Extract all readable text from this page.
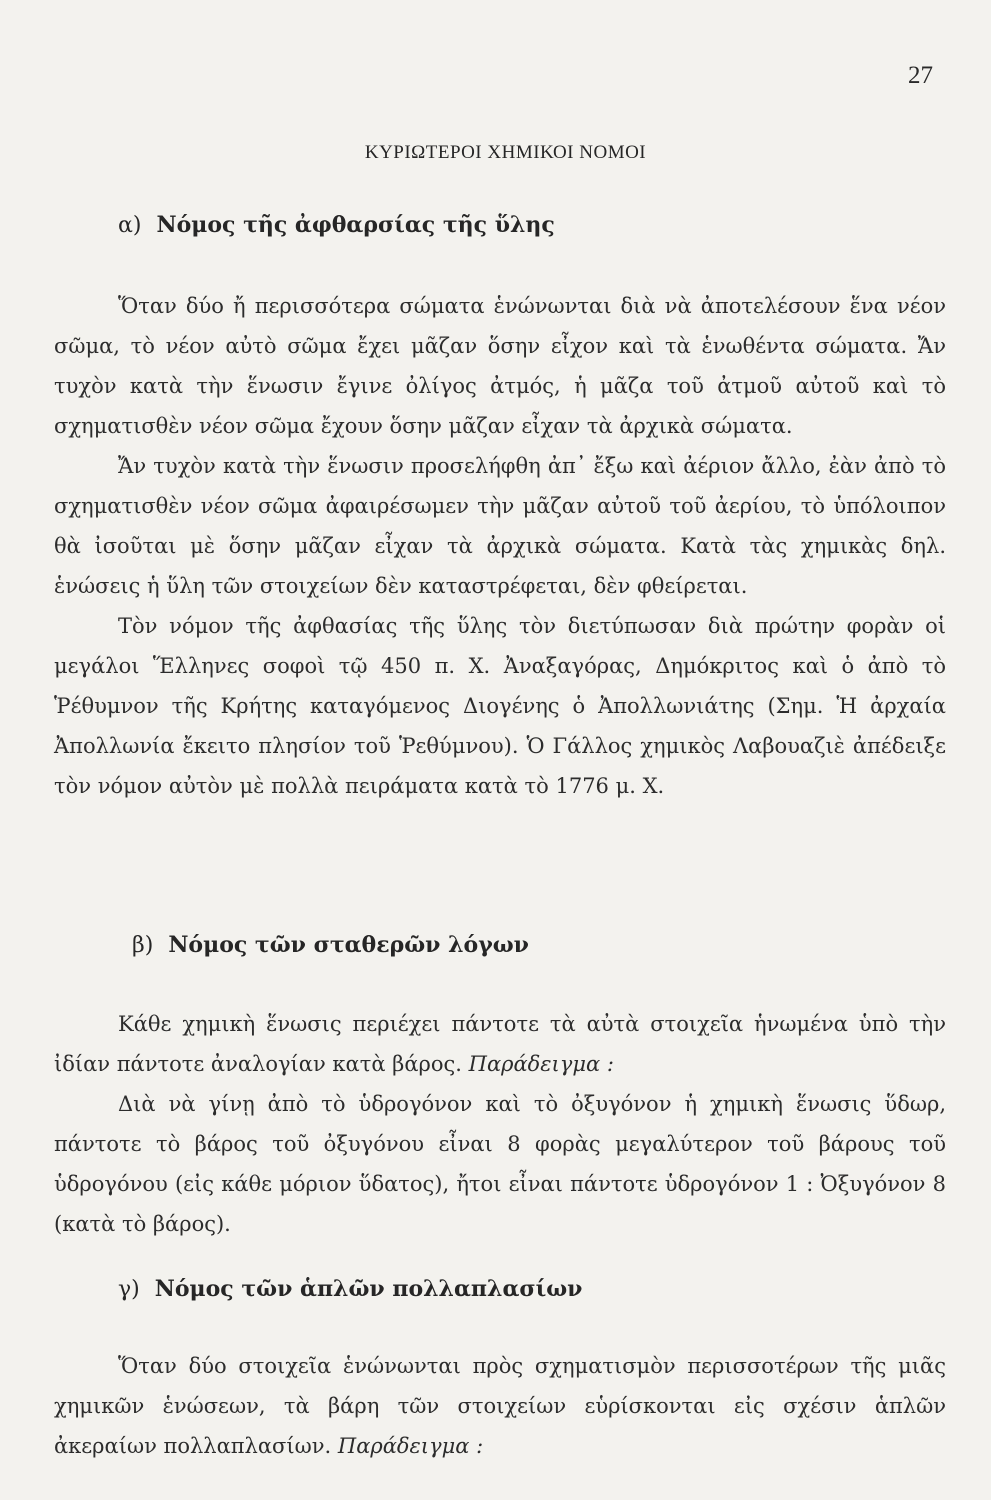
27
ΚΥΡΙΩΤΕΡΟΙ ΧΗΜΙΚΟΙ ΝΟΜΟΙ
α) Νόμος τῆς ἀφθαρσίας τῆς ὕλης

Ὅταν δύο ἤ περισσότερα σώματα ἑνώνωνται διὰ νὰ ἀποτελέσουν ἕνα νέον σῶμα, τὸ νέον αὐτὸ σῶμα ἔχει μᾶζαν ὅσην εἶχον καὶ τὰ ἑνωθέντα σώματα. Ἄν τυχὸν κατὰ τὴν ἕνωσιν ἔγινε ὀλίγος ἀτμός, ἡ μᾶζα τοῦ ἀτμοῦ αὐτοῦ καὶ τὸ σχηματισθὲν νέον σῶμα ἔχουν ὅσην μᾶζαν εἶχαν τὰ ἀρχικὰ σώματα.

Ἄν τυχὸν κατὰ τὴν ἕνωσιν προσελήφθη ἀπ᾽ ἔξω καὶ ἀέριον ἄλλο, ἐὰν ἀπὸ τὸ σχηματισθὲν νέον σῶμα ἀφαιρέσωμεν τὴν μᾶζαν αὐτοῦ τοῦ ἀερίου, τὸ ὑπόλοιπον θὰ ἰσοῦται μὲ ὅσην μᾶζαν εἶχαν τὰ ἀρχικὰ σώματα. Κατὰ τὰς χημικὰς δηλ. ἑνώσεις ἡ ὕλη τῶν στοιχείων δὲν καταστρέφεται, δὲν φθείρεται.

Τὸν νόμον τῆς ἀφθασίας τῆς ὕλης τὸν διετύπωσαν διὰ πρώτην φορὰν οἱ μεγάλοι Ἕλληνες σοφοὶ τῷ 450 π. Χ. Ἀναξαγόρας, Δημόκριτος καὶ ὁ ἀπὸ τὸ Ῥέθυμνον τῆς Κρήτης καταγόμενος Διογένης ὁ Ἀπολλωνιάτης (Σημ. Ἡ ἀρχαία Ἀπολλωνία ἔκειτο πλησίον τοῦ Ῥεθύμνου). Ὁ Γάλλος χημικὸς Λαβουαζιὲ ἀπέδειξε τὸν νόμον αὐτὸν μὲ πολλὰ πειράματα κατὰ τὸ 1776 μ. Χ.

β) Νόμος τῶν σταθερῶν λόγων

Κάθε χημικὴ ἕνωσις περιέχει πάντοτε τὰ αὐτὰ στοιχεῖα ἡνωμένα ὑπὸ τὴν ἰδίαν πάντοτε ἀναλογίαν κατὰ βάρος. Παράδειγμα :

Διὰ νὰ γίνῃ ἀπὸ τὸ ὑδρογόνον καὶ τὸ ὀξυγόνον ἡ χημικὴ ἕνωσις ὕδωρ, πάντοτε τὸ βάρος τοῦ ὀξυγόνου εἶναι 8 φορὰς μεγαλύτερον τοῦ βάρους τοῦ ὑδρογόνου (εἰς κάθε μόριον ὕδατος), ἤτοι εἶναι πάντοτε ὑδρογόνον 1 : Ὀξυγόνον 8 (κατὰ τὸ βάρος).

γ) Νόμος τῶν ἁπλῶν πολλαπλασίων

Ὅταν δύο στοιχεῖα ἑνώνωνται πρὸς σχηματισμὸν περισσοτέρων τῆς μιᾶς χημικῶν ἑνώσεων, τὰ βάρη τῶν στοιχείων εὑρίσκονται εἰς σχέσιν ἁπλῶν ἀκεραίων πολλαπλασίων. Παράδειγμα :
